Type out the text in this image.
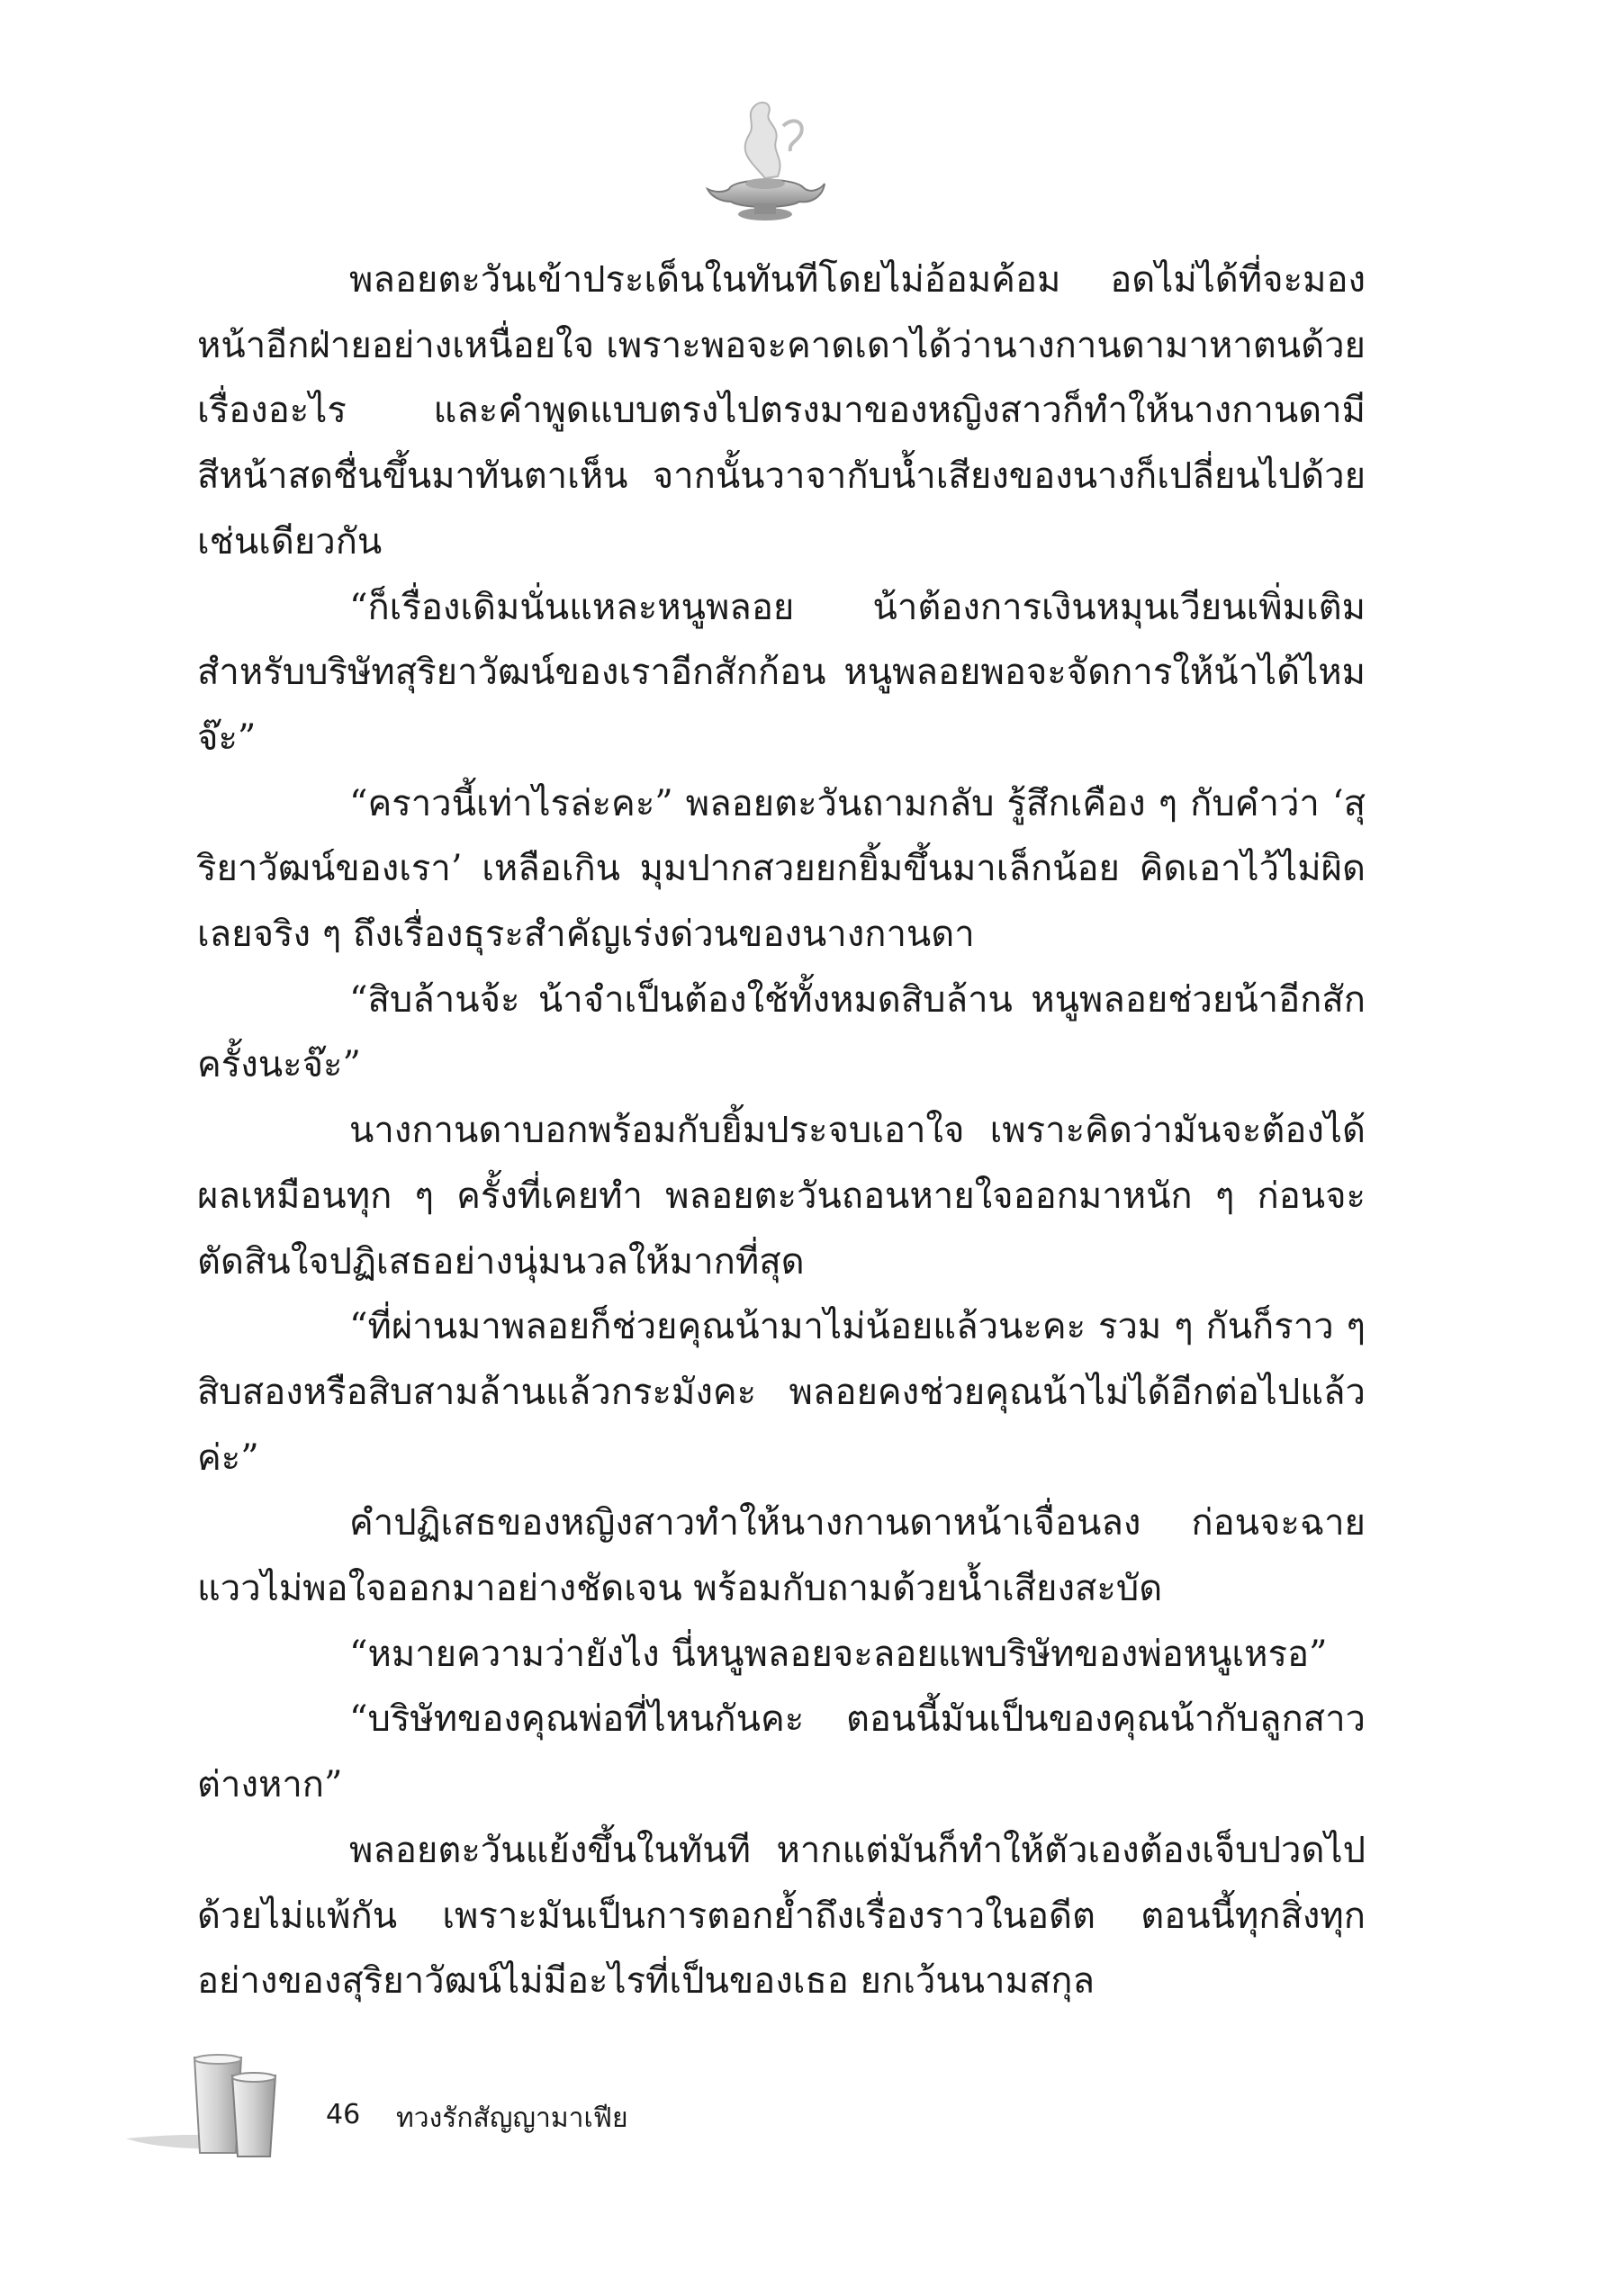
พลอยตะวันเข้าประเด็นในทันทีโดยไม่อ้อมค้อม อดไม่ได้ที่จะมองหน้าอีกฝ่ายอย่างเหนื่อยใจ เพราะพอจะคาดเดาได้ว่านางกานดามาหาตนด้วยเรื่องอะไร และคำพูดแบบตรงไปตรงมาของหญิงสาวก็ทำให้นางกานดามีสีหน้าสดชื่นขึ้นมาทันตาเห็น จากนั้นวาจากับน้ำเสียงของนางก็เปลี่ยนไปด้วยเช่นเดียวกัน

“ก็เรื่องเดิมนั่นแหละหนูพลอย น้าต้องการเงินหมุนเวียนเพิ่มเติมสำหรับบริษัทสุริยาวัฒน์ของเราอีกสักก้อน หนูพลอยพอจะจัดการให้น้าได้ไหมจ๊ะ”

“คราวนี้เท่าไรล่ะคะ” พลอยตะวันถามกลับ รู้สึกเคือง ๆ กับคำว่า ‘สุริยาวัฒน์ของเรา’ เหลือเกิน มุมปากสวยยกยิ้มขึ้นมาเล็กน้อย คิดเอาไว้ไม่ผิดเลยจริง ๆ ถึงเรื่องธุระสำคัญเร่งด่วนของนางกานดา

“สิบล้านจ้ะ น้าจำเป็นต้องใช้ทั้งหมดสิบล้าน หนูพลอยช่วยน้าอีกสักครั้งนะจ๊ะ”

นางกานดาบอกพร้อมกับยิ้มประจบเอาใจ เพราะคิดว่ามันจะต้องได้ผลเหมือนทุก ๆ ครั้งที่เคยทำ พลอยตะวันถอนหายใจออกมาหนัก ๆ ก่อนจะตัดสินใจปฏิเสธอย่างนุ่มนวลให้มากที่สุด

“ที่ผ่านมาพลอยก็ช่วยคุณน้ามาไม่น้อยแล้วนะคะ รวม ๆ กันก็ราว ๆ สิบสองหรือสิบสามล้านแล้วกระมังคะ พลอยคงช่วยคุณน้าไม่ได้อีกต่อไปแล้วค่ะ”

คำปฏิเสธของหญิงสาวทำให้นางกานดาหน้าเจื่อนลง ก่อนจะฉายแววไม่พอใจออกมาอย่างชัดเจน พร้อมกับถามด้วยน้ำเสียงสะบัด

“หมายความว่ายังไง นี่หนูพลอยจะลอยแพบริษัทของพ่อหนูเหรอ”

“บริษัทของคุณพ่อที่ไหนกันคะ ตอนนี้มันเป็นของคุณน้ากับลูกสาวต่างหาก”

พลอยตะวันแย้งขึ้นในทันที หากแต่มันก็ทำให้ตัวเองต้องเจ็บปวดไปด้วยไม่แพ้กัน เพราะมันเป็นการตอกย้ำถึงเรื่องราวในอดีต ตอนนี้ทุกสิ่งทุกอย่างของสุริยาวัฒน์ไม่มีอะไรที่เป็นของเธอ ยกเว้นนามสกุล

46 ทวงรักสัญญามาเฟีย
